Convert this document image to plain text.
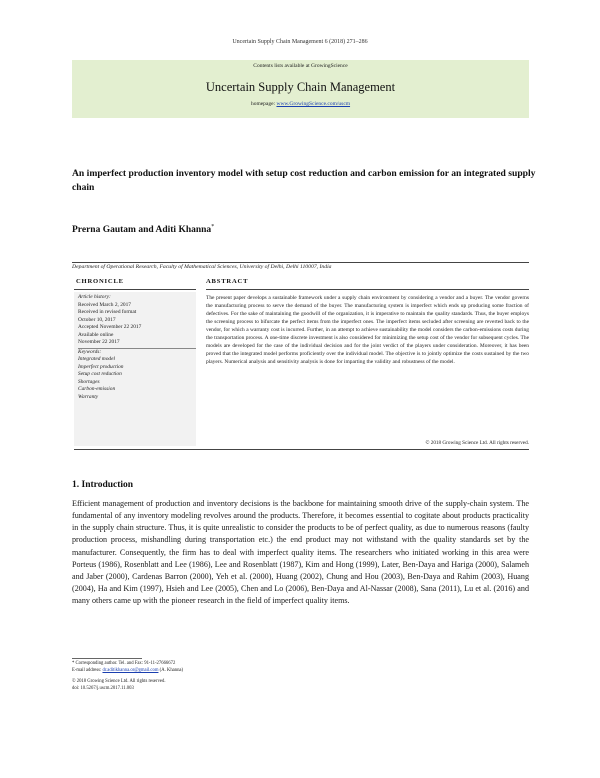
Uncertain Supply Chain Management 6 (2018) 271–286
Contents lists available at GrowingScience
Uncertain Supply Chain Management
homepage: www.GrowingScience.com/uscm
An imperfect production inventory model with setup cost reduction and carbon emission for an integrated supply chain
Prerna Gautam and Aditi Khanna*
Department of Operational Research, Faculty of Mathematical Sciences, University of Delhi, Delhi 110007, India
CHRONICLE	ABSTRACT
Article history:
Received March 2, 2017
Received in revised format
October 10, 2017
Accepted November 22 2017
Available online
November 22 2017
Keywords:
Integrated model
Imperfect production
Setup cost reduction
Shortages
Carbon-emission
Warranty
The present paper develops a sustainable framework under a supply chain environment by considering a vendor and a buyer. The vendor governs the manufacturing process to serve the demand of the buyer. The manufacturing system is imperfect which ends up producing some fraction of defectives. For the sake of maintaining the goodwill of the organization, it is imperative to maintain the quality standards. Thus, the buyer employs the screening process to bifurcate the perfect items from the imperfect ones. The imperfect items secluded after screening are reverted back to the vendor, for which a warranty cost is incurred. Further, in an attempt to achieve sustainability the model considers the carbon-emissions costs during the transportation process. A one-time discrete investment is also considered for minimizing the setup cost of the vendor for subsequent cycles. The models are developed for the case of the individual decision and for the joint verdict of the players under consideration. Moreover, it has been proved that the integrated model performs proficiently over the individual model. The objective is to jointly optimize the costs sustained by the two players. Numerical analysis and sensitivity analysis is done for imparting the validity and robustness of the model.
© 2018 Growing Science Ltd. All rights reserved.
1. Introduction
Efficient management of production and inventory decisions is the backbone for maintaining smooth drive of the supply-chain system. The fundamental of any inventory modeling revolves around the products. Therefore, it becomes essential to cogitate about products practicality in the supply chain structure. Thus, it is quite unrealistic to consider the products to be of perfect quality, as due to numerous reasons (faulty production process, mishandling during transportation etc.) the end product may not withstand with the quality standards set by the manufacturer. Consequently, the firm has to deal with imperfect quality items. The researchers who initiated working in this area were Porteus (1986), Rosenblatt and Lee (1986), Lee and Rosenblatt (1987), Kim and Hong (1999), Later, Ben-Daya and Hariga (2000), Salameh and Jaber (2000), Cardenas Barron (2000), Yeh et al. (2000), Huang (2002), Chung and Hou (2003), Ben-Daya and Rahim (2003), Huang (2004), Ha and Kim (1997), Hsieh and Lee (2005), Chen and Lo (2006), Ben-Daya and Al-Nassar (2008), Sana (2011), Lu et al. (2016) and many others came up with the pioneer research in the field of imperfect quality items.
* Corresponding author. Tel. and Fax: 91-11-27666672
E-mail address: dr.aditikhanna.or@gmail.com (A. Khanna)
© 2018 Growing Science Ltd. All rights reserved.
doi: 10.5267/j.uscm.2017.11.003
